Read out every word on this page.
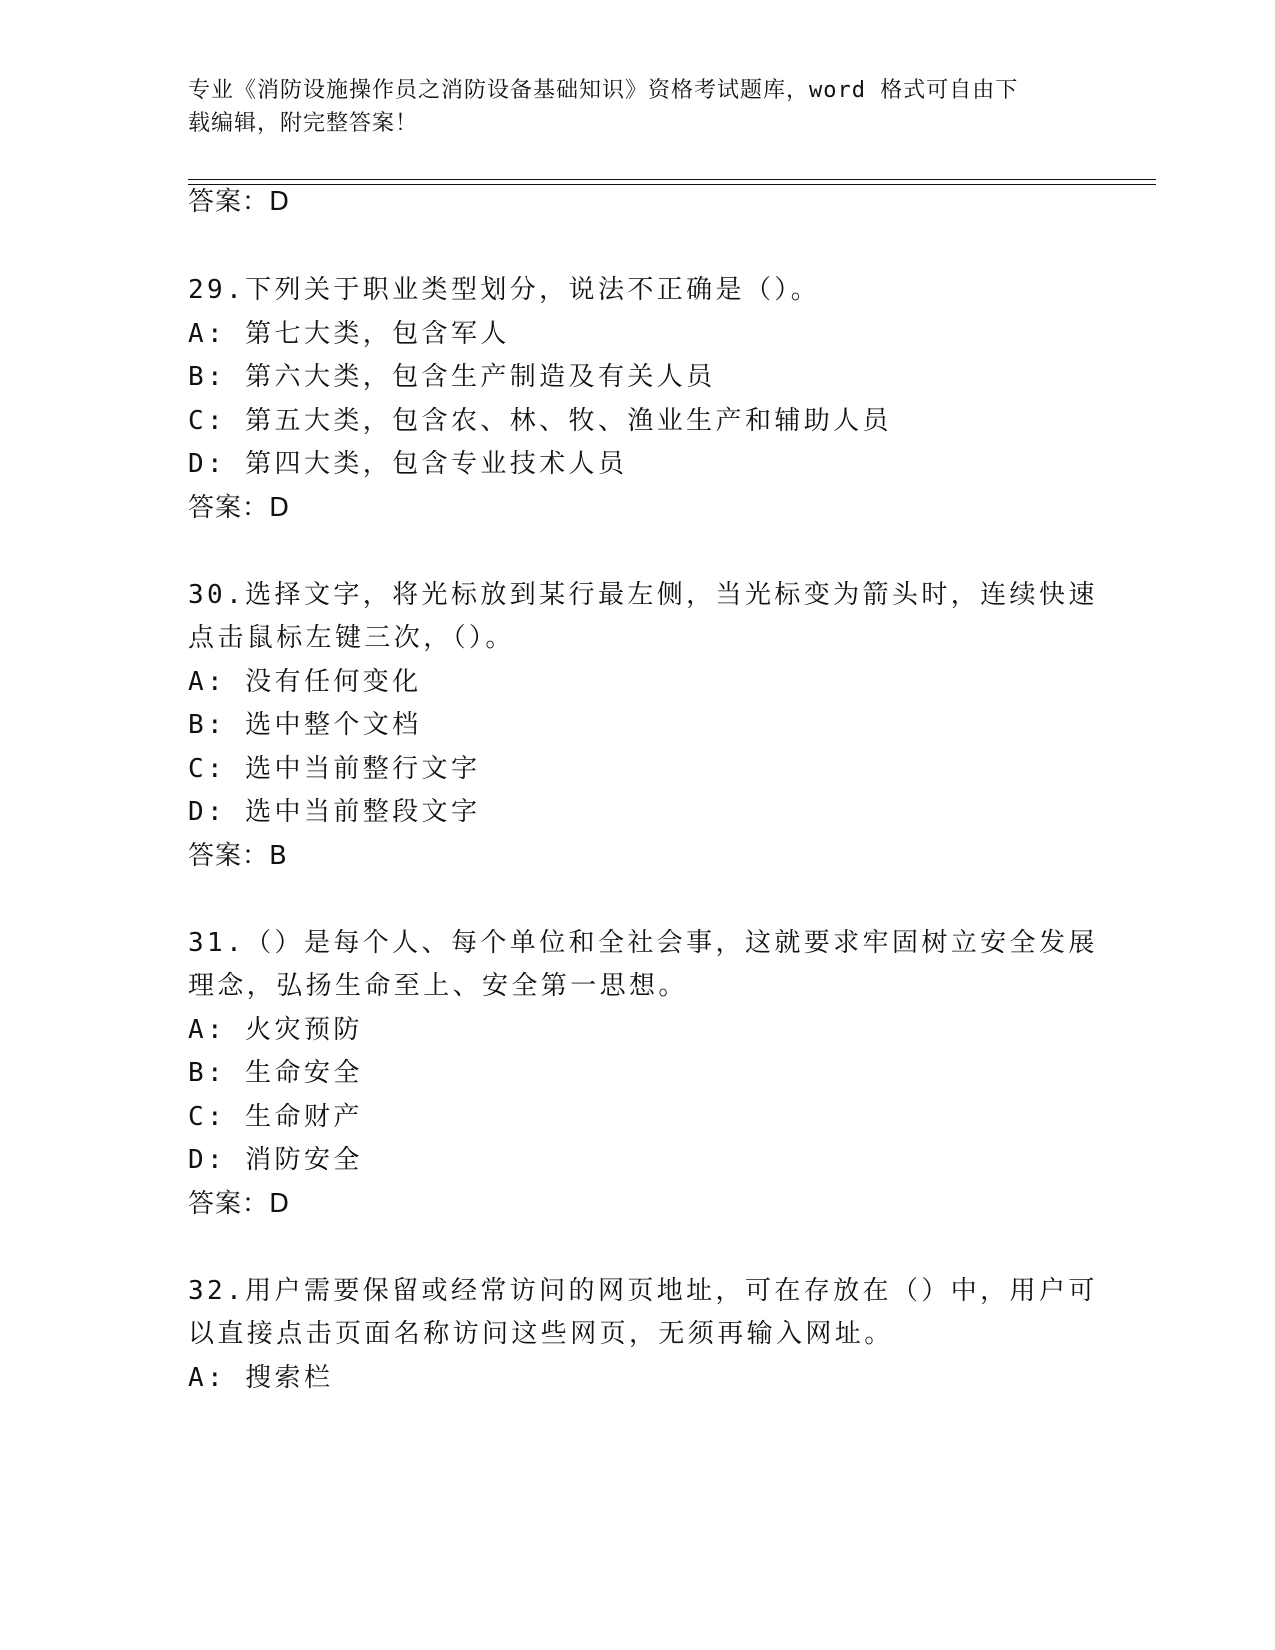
专业《消防设施操作员之消防设备基础知识》资格考试题库，word 格式可自由下
载编辑，附完整答案！
答案：D
29.下列关于职业类型划分，说法不正确是（）。
A: 第七大类，包含军人
B: 第六大类，包含生产制造及有关人员
C: 第五大类，包含农、林、牧、渔业生产和辅助人员
D: 第四大类，包含专业技术人员
答案：D
30.选择文字，将光标放到某行最左侧，当光标变为箭头时，连续快速
点击鼠标左键三次，（）。
A: 没有任何变化
B: 选中整个文档
C: 选中当前整行文字
D: 选中当前整段文字
答案：B
31.（）是每个人、每个单位和全社会事，这就要求牢固树立安全发展
理念，弘扬生命至上、安全第一思想。
A: 火灾预防
B: 生命安全
C: 生命财产
D: 消防安全
答案：D
32.用户需要保留或经常访问的网页地址，可在存放在（）中，用户可
以直接点击页面名称访问这些网页，无须再输入网址。
A: 搜索栏
